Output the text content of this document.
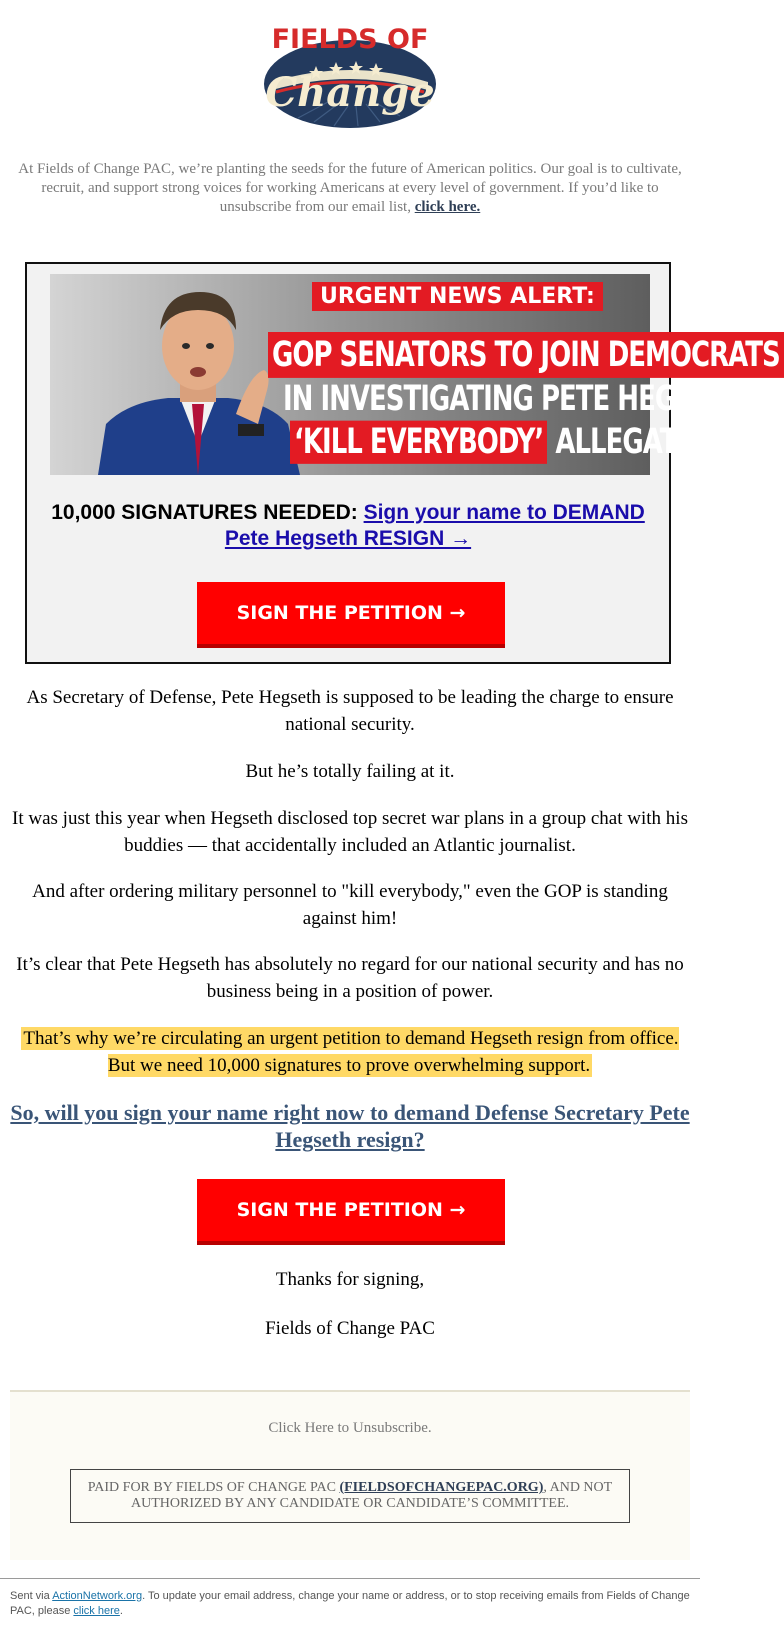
FIELDS OF
Change
At Fields of Change PAC, we’re planting the seeds for the future of American politics. Our goal is to cultivate, recruit, and support strong voices for working Americans at every level of government. If you’d like to unsubscribe from our email list, click here.
URGENT NEWS ALERT:
GOP SENATORS TO JOIN DEMOCRATS
IN INVESTIGATING PETE HEGSETH
‘KILL EVERYBODY’ ALLEGATIONS
10,000 SIGNATURES NEEDED: Sign your name to DEMAND Pete Hegseth RESIGN →
SIGN THE PETITION →
As Secretary of Defense, Pete Hegseth is supposed to be leading the charge to ensure national security.
But he’s totally failing at it.
It was just this year when Hegseth disclosed top secret war plans in a group chat with his buddies — that accidentally included an Atlantic journalist.
And after ordering military personnel to "kill everybody," even the GOP is standing against him!
It’s clear that Pete Hegseth has absolutely no regard for our national security and has no business being in a position of power.
That’s why we’re circulating an urgent petition to demand Hegseth resign from office. But we need 10,000 signatures to prove overwhelming support.
So, will you sign your name right now to demand Defense Secretary Pete Hegseth resign?
SIGN THE PETITION →
Thanks for signing,
Fields of Change PAC
Click Here to Unsubscribe.
PAID FOR BY FIELDS OF CHANGE PAC (FIELDSOFCHANGEPAC.ORG), AND NOT AUTHORIZED BY ANY CANDIDATE OR CANDIDATE’S COMMITTEE.
Sent via ActionNetwork.org. To update your email address, change your name or address, or to stop receiving emails from Fields of Change PAC, please click here.
